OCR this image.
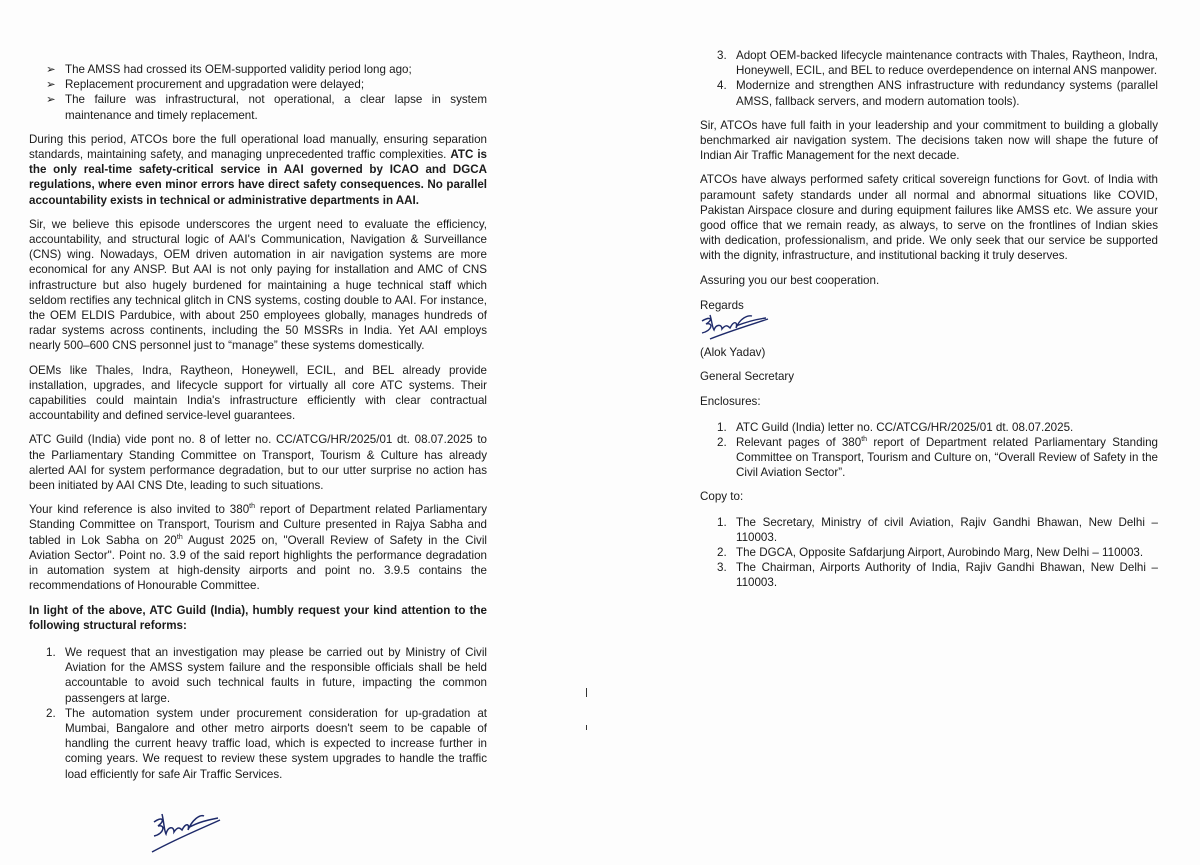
➢ The AMSS had crossed its OEM-supported validity period long ago;
➢ Replacement procurement and upgradation were delayed;
➢ The failure was infrastructural, not operational, a clear lapse in system maintenance and timely replacement.

During this period, ATCOs bore the full operational load manually, ensuring separation standards, maintaining safety, and managing unprecedented traffic complexities. ATC is the only real-time safety-critical service in AAI governed by ICAO and DGCA regulations, where even minor errors have direct safety consequences. No parallel accountability exists in technical or administrative departments in AAI.

Sir, we believe this episode underscores the urgent need to evaluate the efficiency, accountability, and structural logic of AAI's Communication, Navigation & Surveillance (CNS) wing. Nowadays, OEM driven automation in air navigation systems are more economical for any ANSP. But AAI is not only paying for installation and AMC of CNS infrastructure but also hugely burdened for maintaining a huge technical staff which seldom rectifies any technical glitch in CNS systems, costing double to AAI. For instance, the OEM ELDIS Pardubice, with about 250 employees globally, manages hundreds of radar systems across continents, including the 50 MSSRs in India. Yet AAI employs nearly 500–600 CNS personnel just to “manage” these systems domestically.

OEMs like Thales, Indra, Raytheon, Honeywell, ECIL, and BEL already provide installation, upgrades, and lifecycle support for virtually all core ATC systems. Their capabilities could maintain India's infrastructure efficiently with clear contractual accountability and defined service-level guarantees.

ATC Guild (India) vide pont no. 8 of letter no. CC/ATCG/HR/2025/01 dt. 08.07.2025 to the Parliamentary Standing Committee on Transport, Tourism & Culture has already alerted AAI for system performance degradation, but to our utter surprise no action has been initiated by AAI CNS Dte, leading to such situations.

Your kind reference is also invited to 380th report of Department related Parliamentary Standing Committee on Transport, Tourism and Culture presented in Rajya Sabha and tabled in Lok Sabha on 20th August 2025 on, "Overall Review of Safety in the Civil Aviation Sector". Point no. 3.9 of the said report highlights the performance degradation in automation system at high-density airports and point no. 3.9.5 contains the recommendations of Honourable Committee.

In light of the above, ATC Guild (India), humbly request your kind attention to the following structural reforms:

1. We request that an investigation may please be carried out by Ministry of Civil Aviation for the AMSS system failure and the responsible officials shall be held accountable to avoid such technical faults in future, impacting the common passengers at large.
2. The automation system under procurement consideration for up-gradation at Mumbai, Bangalore and other metro airports doesn't seem to be capable of handling the current heavy traffic load, which is expected to increase further in coming years. We request to review these system upgrades to handle the traffic load efficiently for safe Air Traffic Services.
3. Adopt OEM-backed lifecycle maintenance contracts with Thales, Raytheon, Indra, Honeywell, ECIL, and BEL to reduce overdependence on internal ANS manpower.
4. Modernize and strengthen ANS infrastructure with redundancy systems (parallel AMSS, fallback servers, and modern automation tools).

Sir, ATCOs have full faith in your leadership and your commitment to building a globally benchmarked air navigation system. The decisions taken now will shape the future of Indian Air Traffic Management for the next decade.

ATCOs have always performed safety critical sovereign functions for Govt. of India with paramount safety standards under all normal and abnormal situations like COVID, Pakistan Airspace closure and during equipment failures like AMSS etc. We assure your good office that we remain ready, as always, to serve on the frontlines of Indian skies with dedication, professionalism, and pride. We only seek that our service be supported with the dignity, infrastructure, and institutional backing it truly deserves.

Assuring you our best cooperation.

Regards

(Alok Yadav)

General Secretary

Enclosures:

1. ATC Guild (India) letter no. CC/ATCG/HR/2025/01 dt. 08.07.2025.
2. Relevant pages of 380th report of Department related Parliamentary Standing Committee on Transport, Tourism and Culture on, “Overall Review of Safety in the Civil Aviation Sector”.

Copy to:

1. The Secretary, Ministry of civil Aviation, Rajiv Gandhi Bhawan, New Delhi – 110003.
2. The DGCA, Opposite Safdarjung Airport, Aurobindo Marg, New Delhi – 110003.
3. The Chairman, Airports Authority of India, Rajiv Gandhi Bhawan, New Delhi – 110003.
